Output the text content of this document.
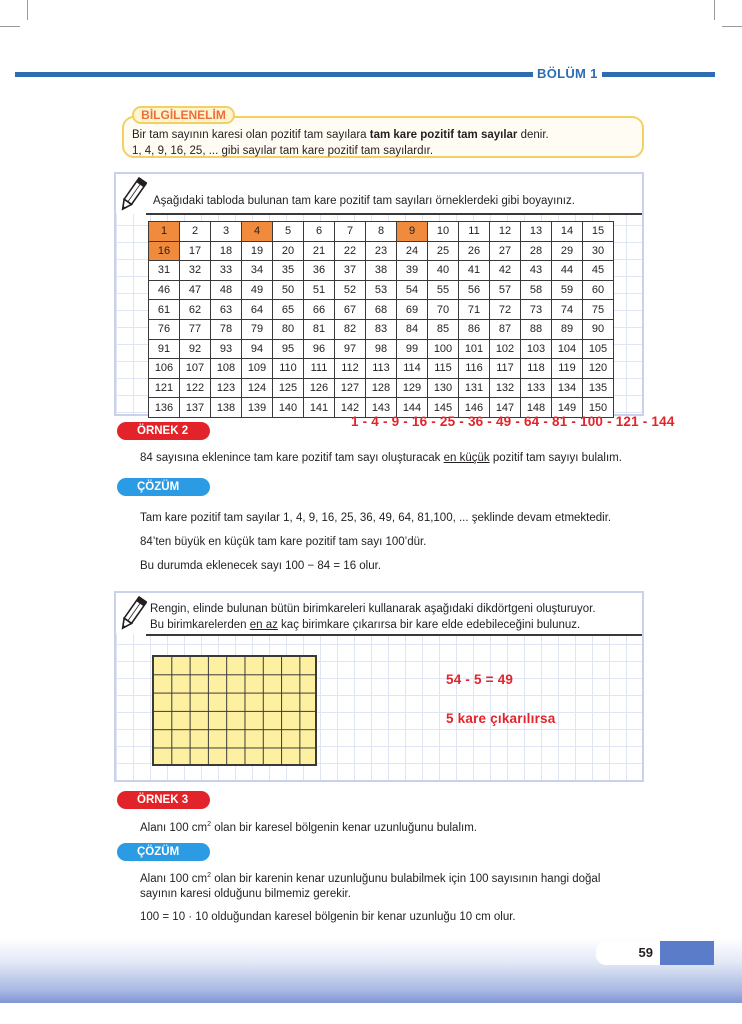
BÖLÜM 1
BİLGİLENELİM
Bir tam sayının karesi olan pozitif tam sayılara tam kare pozitif tam sayılar denir.
1, 4, 9, 16, 25, ... gibi sayılar tam kare pozitif tam sayılardır.
Aşağıdaki tabloda bulunan tam kare pozitif tam sayıları örneklerdeki gibi boyayınız.
1	2	3	4	5	6	7	8	9	10	11	12	13	14	15
16	17	18	19	20	21	22	23	24	25	26	27	28	29	30
31	32	33	34	35	36	37	38	39	40	41	42	43	44	45
46	47	48	49	50	51	52	53	54	55	56	57	58	59	60
61	62	63	64	65	66	67	68	69	70	71	72	73	74	75
76	77	78	79	80	81	82	83	84	85	86	87	88	89	90
91	92	93	94	95	96	97	98	99	100	101	102	103	104	105
106	107	108	109	110	111	112	113	114	115	116	117	118	119	120
121	122	123	124	125	126	127	128	129	130	131	132	133	134	135
136	137	138	139	140	141	142	143	144	145	146	147	148	149	150
1 - 4 - 9 - 16 - 25 - 36 - 49 - 64 - 81 - 100 - 121 - 144
ÖRNEK 2
84 sayısına eklenince tam kare pozitif tam sayı oluşturacak en küçük pozitif tam sayıyı bulalım.
ÇÖZÜM
Tam kare pozitif tam sayılar 1, 4, 9, 16, 25, 36, 49, 64, 81,100, ... şeklinde devam etmektedir.
84’ten büyük en küçük tam kare pozitif tam sayı 100’dür.
Bu durumda eklenecek sayı 100 − 84 = 16 olur.
Rengin, elinde bulunan bütün birimkareleri kullanarak aşağıdaki dikdörtgeni oluşturuyor.
Bu birimkarelerden en az kaç birimkare çıkarırsa bir kare elde edebileceğini bulunuz.
54 - 5 = 49
5 kare çıkarılırsa
ÖRNEK 3
Alanı 100 $cm^2$ olan bir karesel bölgenin kenar uzunluğunu bulalım.
ÇÖZÜM
Alanı 100 $cm^2$ olan bir karenin kenar uzunluğunu bulabilmek için 100 sayısının hangi doğal
sayının karesi olduğunu bilmemiz gerekir.
100 = 10 · 10 olduğundan karesel bölgenin bir kenar uzunluğu 10 cm olur.
59
